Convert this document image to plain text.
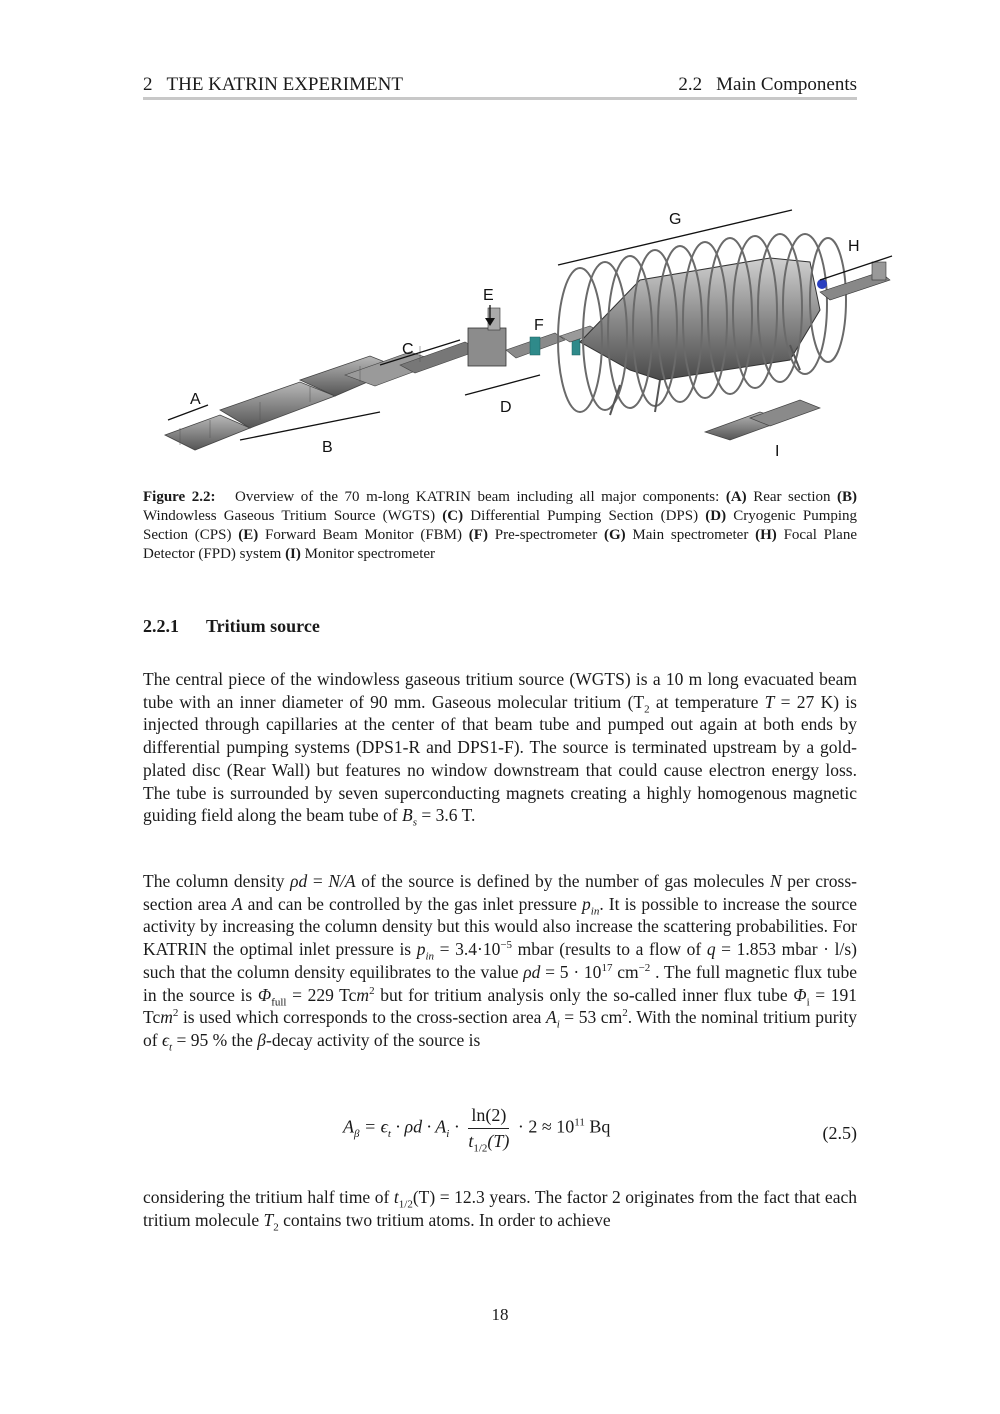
2 THE KATRIN EXPERIMENT	2.2 Main Components
A
B
C
D
E
F
G
H
I
Figure 2.2: Overview of the 70 m-long KATRIN beam including all major components: (A) Rear section (B) Windowless Gaseous Tritium Source (WGTS) (C) Differential Pumping Section (DPS) (D) Cryogenic Pumping Section (CPS) (E) Forward Beam Monitor (FBM) (F) Pre-spectrometer (G) Main spectrometer (H) Focal Plane Detector (FPD) system (I) Monitor spectrometer
2.2.1 Tritium source
The central piece of the windowless gaseous tritium source (WGTS) is a 10 m long evacuated beam tube with an inner diameter of 90 mm. Gaseous molecular tritium ($T_2$ at temperature T = 27 K) is injected through capillaries at the center of that beam tube and pumped out again at both ends by differential pumping systems (DPS1-R and DPS1-F). The source is terminated upstream by a gold-plated disc (Rear Wall) but features no window downstream that could cause electron energy loss. The tube is surrounded by seven superconducting magnets creating a highly homogenous magnetic guiding field along the beam tube of $B_s = 3.6$ T.
The column density ρd = N/A of the source is defined by the number of gas molecules N per cross-section area A and can be controlled by the gas inlet pressure $p_{in}$. It is possible to increase the source activity by increasing the column density but this would also increase the scattering probabilities. For KATRIN the optimal inlet pressure is $p_{in} = 3.4\cdot 10^{-5}$ mbar (results to a flow of q = 1.853 mbar · l/s) such that the column density equilibrates to the value $\rho d = 5 \cdot 10^{17}$ $cm^{-2}$ . The full magnetic flux tube in the source is $\Phi_{full} = 229$ Tcm$^2$ but for tritium analysis only the so-called inner flux tube $\Phi_i = 191$ Tcm$^2$ is used which corresponds to the cross-section area $A_i = 53$ $cm^2$. With the nominal tritium purity of $\epsilon_t = 95$ % the β-decay activity of the source is
$A_\beta = \epsilon_t \cdot \rho d \cdot A_i \cdot \frac{\ln(2)}{t_{1/2}(T)} \cdot 2 \approx 10^{11}$ Bq	(2.5)
considering the tritium half time of $t_{1/2}(T) = 12.3$ years. The factor 2 originates from the fact that each tritium molecule $T_2$ contains two tritium atoms. In order to achieve
18
